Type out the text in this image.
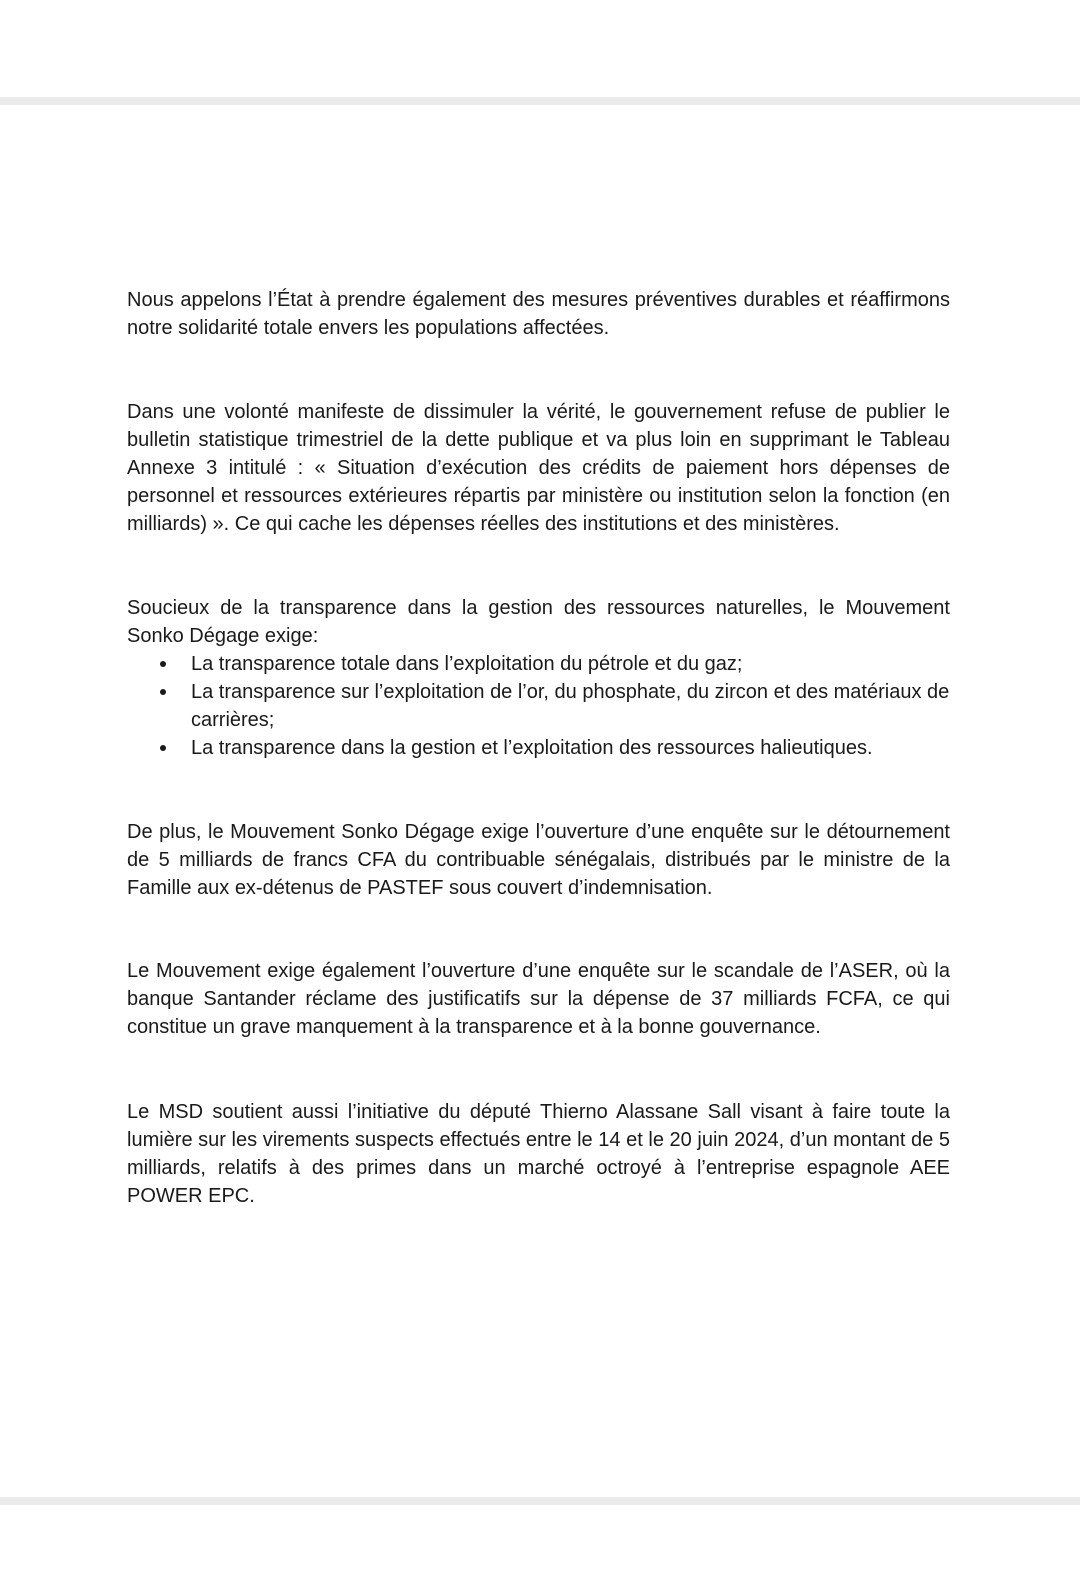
Nous appelons l’État à prendre également des mesures préventives durables et réaffirmons notre solidarité totale envers les populations affectées.

Dans une volonté manifeste de dissimuler la vérité, le gouvernement refuse de publier le bulletin statistique trimestriel de la dette publique et va plus loin en supprimant le Tableau Annexe 3 intitulé : « Situation d’exécution des crédits de paiement hors dépenses de personnel et ressources extérieures répartis par ministère ou institution selon la fonction (en milliards) ». Ce qui cache les dépenses réelles des institutions et des ministères.

Soucieux de la transparence dans la gestion des ressources naturelles, le Mouvement Sonko Dégage exige:

La transparence totale dans l’exploitation du pétrole et du gaz;
La transparence sur l’exploitation de l’or, du phosphate, du zircon et des matériaux de carrières;
La transparence dans la gestion et l’exploitation des ressources halieutiques.

De plus, le Mouvement Sonko Dégage exige l’ouverture d’une enquête sur le détournement de 5 milliards de francs CFA du contribuable sénégalais, distribués par le ministre de la Famille aux ex-détenus de PASTEF sous couvert d’indemnisation.

Le Mouvement exige également l’ouverture d’une enquête sur le scandale de l’ASER, où la banque Santander réclame des justificatifs sur la dépense de 37 milliards FCFA, ce qui constitue un grave manquement à la transparence et à la bonne gouvernance.

Le MSD soutient aussi l’initiative du député Thierno Alassane Sall visant à faire toute la lumière sur les virements suspects effectués entre le 14 et le 20 juin 2024, d’un montant de 5 milliards, relatifs à des primes dans un marché octroyé à l’entreprise espagnole AEE POWER EPC.
